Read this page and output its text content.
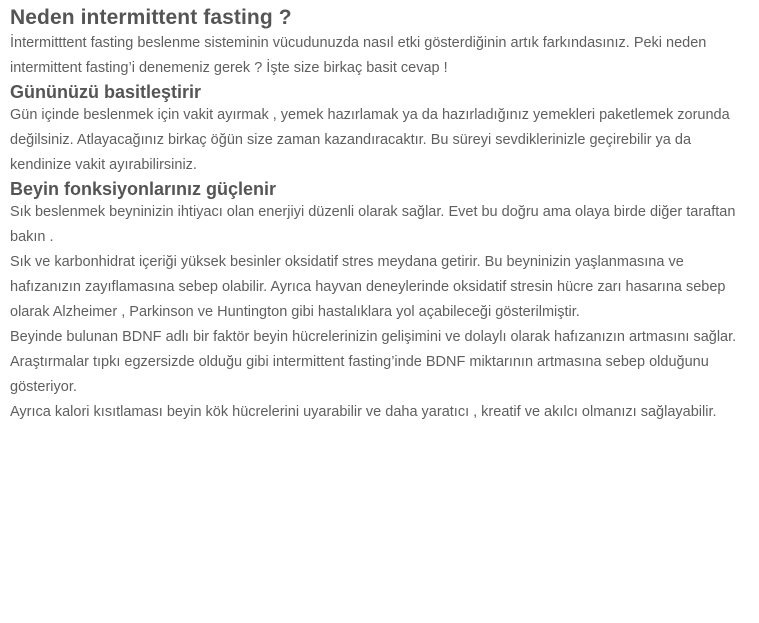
Neden intermittent fasting ?

İntermitttent fasting beslenme sisteminin vücudunuzda nasıl etki gösterdiğinin artık farkındasınız. Peki neden intermittent fasting’i denemeniz gerek ? İşte size birkaç basit cevap !

Gününüzü basitleştirir

Gün içinde beslenmek için vakit ayırmak , yemek hazırlamak ya da hazırladığınız yemekleri paketlemek zorunda değilsiniz. Atlayacağınız birkaç öğün size zaman kazandıracaktır. Bu süreyi sevdiklerinizle geçirebilir ya da kendinize vakit ayırabilirsiniz.

Beyin fonksiyonlarınız güçlenir

Sık beslenmek beyninizin ihtiyacı olan enerjiyi düzenli olarak sağlar. Evet bu doğru ama olaya birde diğer taraftan bakın .

Sık ve karbonhidrat içeriği yüksek besinler oksidatif stres meydana getirir. Bu beyninizin yaşlanmasına ve hafızanızın zayıflamasına sebep olabilir. Ayrıca hayvan deneylerinde oksidatif stresin hücre zarı hasarına sebep olarak Alzheimer , Parkinson ve Huntington gibi hastalıklara yol açabileceği gösterilmiştir.

Beyinde bulunan BDNF adlı bir faktör beyin hücrelerinizin gelişimini ve dolaylı olarak hafızanızın artmasını sağlar. Araştırmalar tıpkı egzersizde olduğu gibi intermittent fasting’inde BDNF miktarının artmasına sebep olduğunu gösteriyor.

Ayrıca kalori kısıtlaması beyin kök hücrelerini uyarabilir ve daha yaratıcı , kreatif ve akılcı olmanızı sağlayabilir.
